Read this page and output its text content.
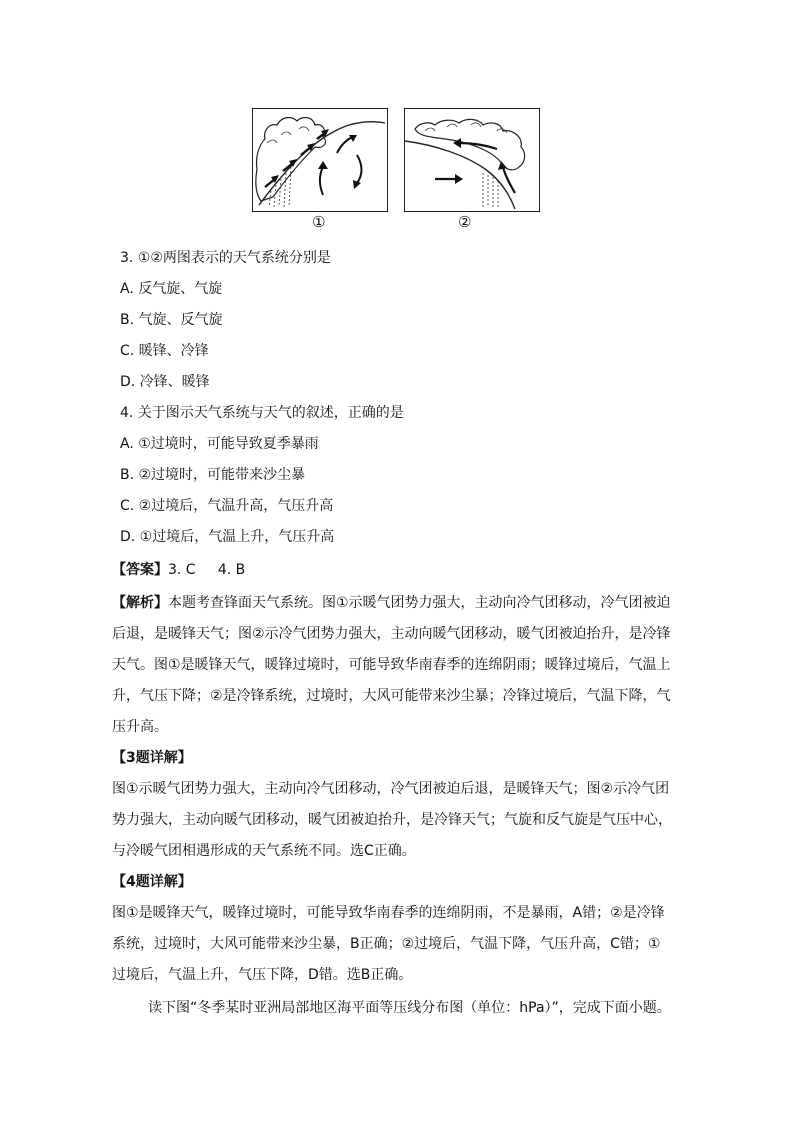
①	②
3. ①②两图表示的天气系统分别是
A. 反气旋、气旋
B. 气旋、反气旋
C. 暖锋、冷锋
D. 冷锋、暖锋
4. 关于图示天气系统与天气的叙述，正确的是
A. ①过境时，可能导致夏季暴雨
B. ②过境时，可能带来沙尘暴
C. ②过境后，气温升高，气压升高
D. ①过境后，气温上升，气压升高
【答案】3. C     4. B

【解析】本题考查锋面天气系统。图①示暖气团势力强大，主动向冷气团移动，冷气团被迫

后退，是暖锋天气；图②示冷气团势力强大，主动向暖气团移动，暖气团被迫抬升，是冷锋

天气。图①是暖锋天气，暖锋过境时，可能导致华南春季的连绵阴雨；暖锋过境后，气温上

升，气压下降；②是冷锋系统，过境时，大风可能带来沙尘暴；冷锋过境后，气温下降，气

压升高。

【3题详解】

图①示暖气团势力强大，主动向冷气团移动，冷气团被迫后退，是暖锋天气；图②示冷气团

势力强大，主动向暖气团移动，暖气团被迫抬升，是冷锋天气；气旋和反气旋是气压中心，

与冷暖气团相遇形成的天气系统不同。选C正确。

【4题详解】

图①是暖锋天气，暖锋过境时，可能导致华南春季的连绵阴雨，不是暴雨，A错；②是冷锋

系统，过境时，大风可能带来沙尘暴，B正确；②过境后，气温下降，气压升高，C错；①

过境后，气温上升，气压下降，D错。选B正确。

读下图“冬季某时亚洲局部地区海平面等压线分布图（单位：hPa）”，完成下面小题。
